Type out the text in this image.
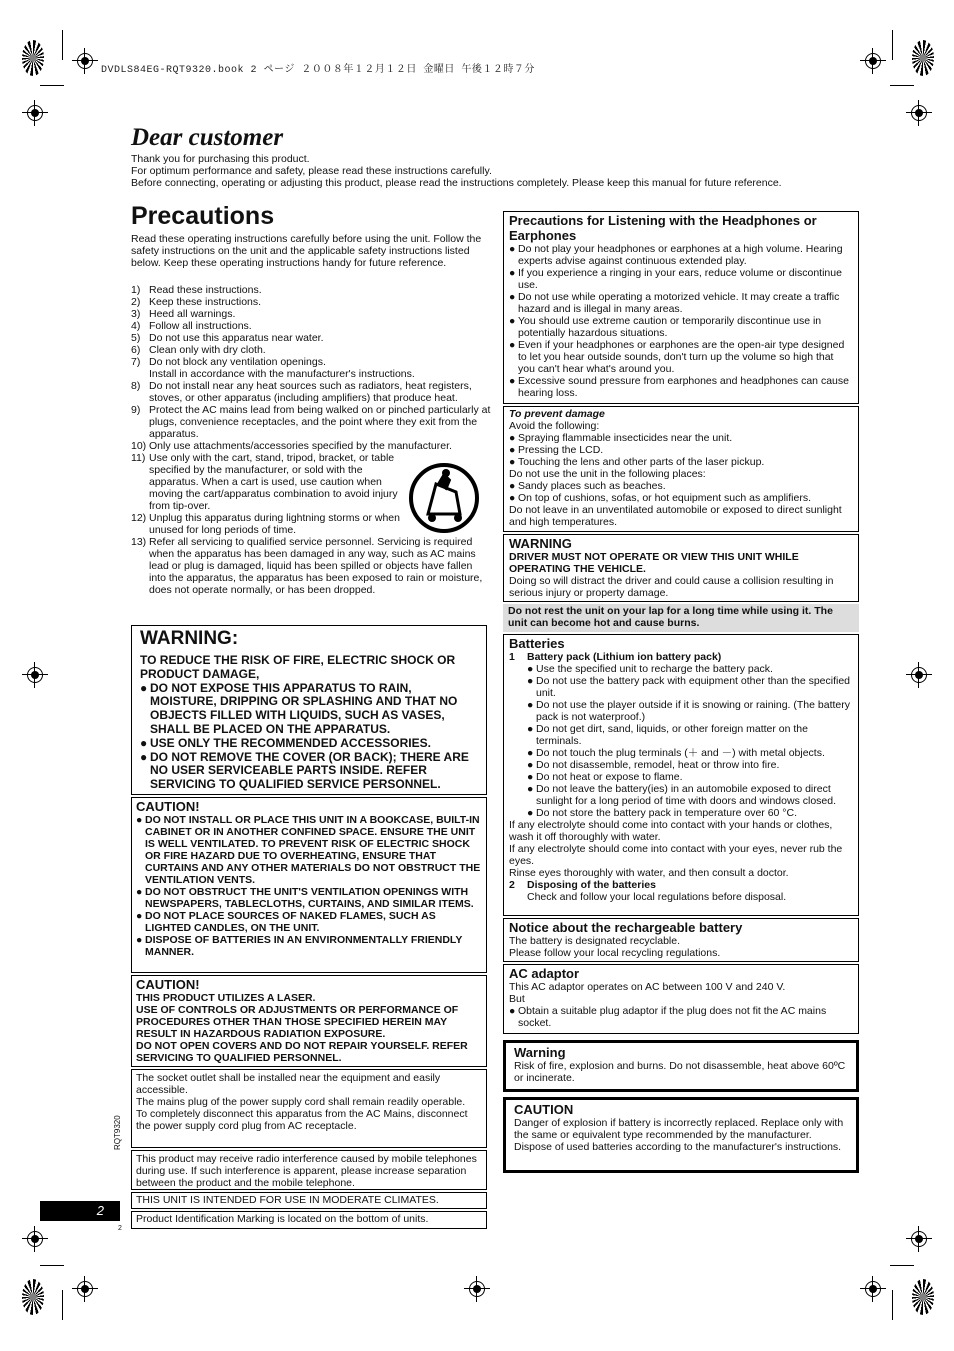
DVDLS84EG-RQT9320.book 2 ページ ２００８年１２月１２日 金曜日 午後１２時７分
Dear customer
Thank you for purchasing this product.
For optimum performance and safety, please read these instructions carefully.
Before connecting, operating or adjusting this product, please read the instructions completely. Please keep this manual for future reference.
Precautions
Read these operating instructions carefully before using the unit. Follow the safety instructions on the unit and the applicable safety instructions listed below. Keep these operating instructions handy for future reference.
1) Read these instructions.
2) Keep these instructions.
3) Heed all warnings.
4) Follow all instructions.
5) Do not use this apparatus near water.
6) Clean only with dry cloth.
7) Do not block any ventilation openings.
Install in accordance with the manufacturer's instructions.
8) Do not install near any heat sources such as radiators, heat registers, stoves, or other apparatus (including amplifiers) that produce heat.
9) Protect the AC mains lead from being walked on or pinched particularly at plugs, convenience receptacles, and the point where they exit from the apparatus.
10) Only use attachments/accessories specified by the manufacturer.
11) Use only with the cart, stand, tripod, bracket, or table specified by the manufacturer, or sold with the apparatus. When a cart is used, use caution when moving the cart/apparatus combination to avoid injury from tip-over.
12) Unplug this apparatus during lightning storms or when unused for long periods of time.
13) Refer all servicing to qualified service personnel. Servicing is required when the apparatus has been damaged in any way, such as AC mains lead or plug is damaged, liquid has been spilled or objects have fallen into the apparatus, the apparatus has been exposed to rain or moisture, does not operate normally, or has been dropped.
WARNING:
TO REDUCE THE RISK OF FIRE, ELECTRIC SHOCK OR PRODUCT DAMAGE,
● DO NOT EXPOSE THIS APPARATUS TO RAIN, MOISTURE, DRIPPING OR SPLASHING AND THAT NO OBJECTS FILLED WITH LIQUIDS, SUCH AS VASES, SHALL BE PLACED ON THE APPARATUS.
● USE ONLY THE RECOMMENDED ACCESSORIES.
● DO NOT REMOVE THE COVER (OR BACK); THERE ARE NO USER SERVICEABLE PARTS INSIDE. REFER SERVICING TO QUALIFIED SERVICE PERSONNEL.
CAUTION!
● DO NOT INSTALL OR PLACE THIS UNIT IN A BOOKCASE, BUILT-IN CABINET OR IN ANOTHER CONFINED SPACE. ENSURE THE UNIT IS WELL VENTILATED. TO PREVENT RISK OF ELECTRIC SHOCK OR FIRE HAZARD DUE TO OVERHEATING, ENSURE THAT CURTAINS AND ANY OTHER MATERIALS DO NOT OBSTRUCT THE VENTILATION VENTS.
● DO NOT OBSTRUCT THE UNIT'S VENTILATION OPENINGS WITH NEWSPAPERS, TABLECLOTHS, CURTAINS, AND SIMILAR ITEMS.
● DO NOT PLACE SOURCES OF NAKED FLAMES, SUCH AS LIGHTED CANDLES, ON THE UNIT.
● DISPOSE OF BATTERIES IN AN ENVIRONMENTALLY FRIENDLY MANNER.
CAUTION!
THIS PRODUCT UTILIZES A LASER.
USE OF CONTROLS OR ADJUSTMENTS OR PERFORMANCE OF PROCEDURES OTHER THAN THOSE SPECIFIED HEREIN MAY RESULT IN HAZARDOUS RADIATION EXPOSURE.
DO NOT OPEN COVERS AND DO NOT REPAIR YOURSELF. REFER SERVICING TO QUALIFIED PERSONNEL.
The socket outlet shall be installed near the equipment and easily accessible.
The mains plug of the power supply cord shall remain readily operable.
To completely disconnect this apparatus from the AC Mains, disconnect the power supply cord plug from AC receptacle.
This product may receive radio interference caused by mobile telephones during use. If such interference is apparent, please increase separation between the product and the mobile telephone.
THIS UNIT IS INTENDED FOR USE IN MODERATE CLIMATES.
Product Identification Marking is located on the bottom of units.
RQT9320
2
2
Precautions for Listening with the Headphones or Earphones
● Do not play your headphones or earphones at a high volume. Hearing experts advise against continuous extended play.
● If you experience a ringing in your ears, reduce volume or discontinue use.
● Do not use while operating a motorized vehicle. It may create a traffic hazard and is illegal in many areas.
● You should use extreme caution or temporarily discontinue use in potentially hazardous situations.
● Even if your headphones or earphones are the open-air type designed to let you hear outside sounds, don't turn up the volume so high that you can't hear what's around you.
● Excessive sound pressure from earphones and headphones can cause hearing loss.
To prevent damage
Avoid the following:
● Spraying flammable insecticides near the unit.
● Pressing the LCD.
● Touching the lens and other parts of the laser pickup.
Do not use the unit in the following places:
● Sandy places such as beaches.
● On top of cushions, sofas, or hot equipment such as amplifiers.
Do not leave in an unventilated automobile or exposed to direct sunlight and high temperatures.
WARNING
DRIVER MUST NOT OPERATE OR VIEW THIS UNIT WHILE OPERATING THE VEHICLE.
Doing so will distract the driver and could cause a collision resulting in serious injury or property damage.
Do not rest the unit on your lap for a long time while using it. The unit can become hot and cause burns.
Batteries
1	Battery pack (Lithium ion battery pack)
● Use the specified unit to recharge the battery pack.
● Do not use the battery pack with equipment other than the specified unit.
● Do not use the player outside if it is snowing or raining. (The battery pack is not waterproof.)
● Do not get dirt, sand, liquids, or other foreign matter on the terminals.
● Do not touch the plug terminals (＋ and －) with metal objects.
● Do not disassemble, remodel, heat or throw into fire.
● Do not heat or expose to flame.
● Do not leave the battery(ies) in an automobile exposed to direct sunlight for a long period of time with doors and windows closed.
● Do not store the battery pack in temperature over 60 °C.
If any electrolyte should come into contact with your hands or clothes, wash it off thoroughly with water.
If any electrolyte should come into contact with your eyes, never rub the eyes.
Rinse eyes thoroughly with water, and then consult a doctor.
2	Disposing of the batteries
Check and follow your local regulations before disposal.
Notice about the rechargeable battery
The battery is designated recyclable.
Please follow your local recycling regulations.
AC adaptor
This AC adaptor operates on AC between 100 V and 240 V.
But
● Obtain a suitable plug adaptor if the plug does not fit the AC mains socket.
Warning
Risk of fire, explosion and burns. Do not disassemble, heat above 60ºC or incinerate.
CAUTION
Danger of explosion if battery is incorrectly replaced. Replace only with the same or equivalent type recommended by the manufacturer. Dispose of used batteries according to the manufacturer's instructions.
